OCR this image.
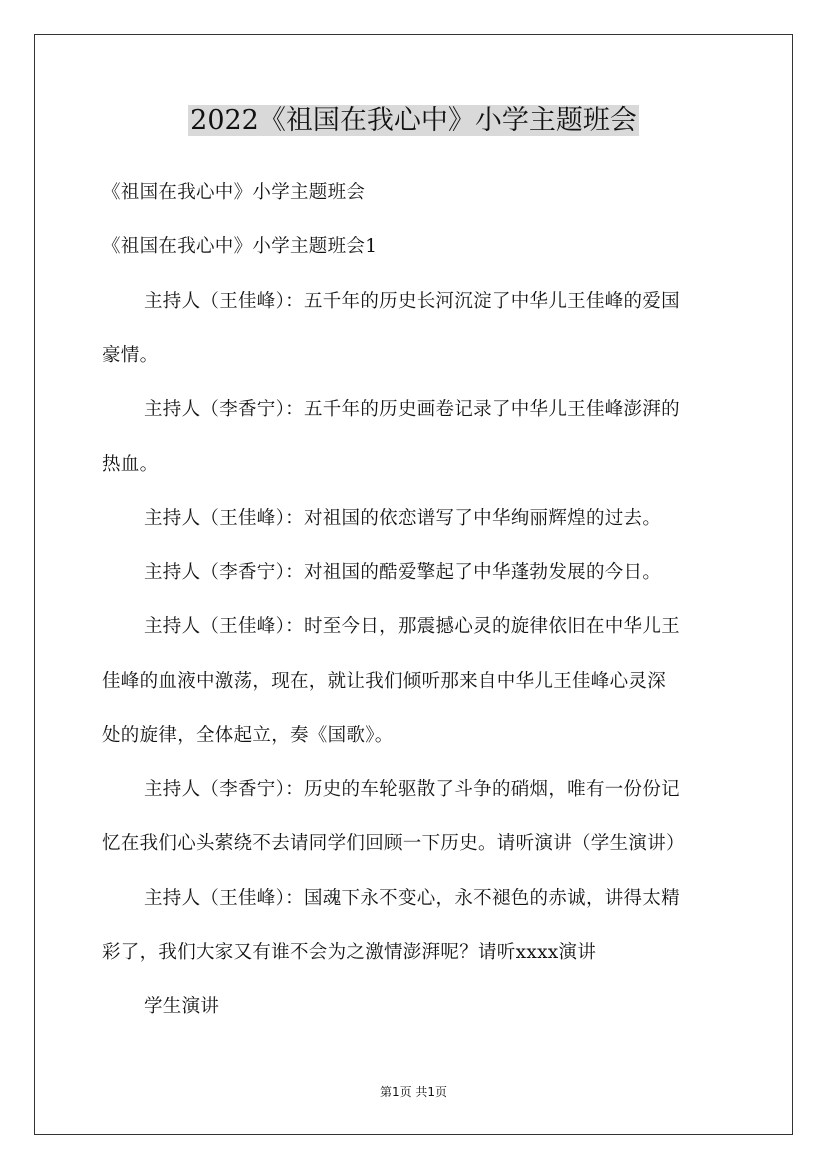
2022《祖国在我心中》小学主题班会
《祖国在我心中》小学主题班会
《祖国在我心中》小学主题班会1
主持人（王佳峰）：五千年的历史长河沉淀了中华儿王佳峰的爱国
豪情。
主持人（李香宁）：五千年的历史画卷记录了中华儿王佳峰澎湃的
热血。
主持人（王佳峰）：对祖国的依恋谱写了中华绚丽辉煌的过去。
主持人（李香宁）：对祖国的酷爱擎起了中华蓬勃发展的今日。
主持人（王佳峰）：时至今日，那震撼心灵的旋律依旧在中华儿王
佳峰的血液中激荡，现在，就让我们倾听那来自中华儿王佳峰心灵深
处的旋律，全体起立，奏《国歌》。
主持人（李香宁）：历史的车轮驱散了斗争的硝烟，唯有一份份记
忆在我们心头萦绕不去请同学们回顾一下历史。请听演讲（学生演讲）
主持人（王佳峰）：国魂下永不变心，永不褪色的赤诚，讲得太精
彩了，我们大家又有谁不会为之激情澎湃呢？请听xxxx演讲
学生演讲
第1页 共1页
